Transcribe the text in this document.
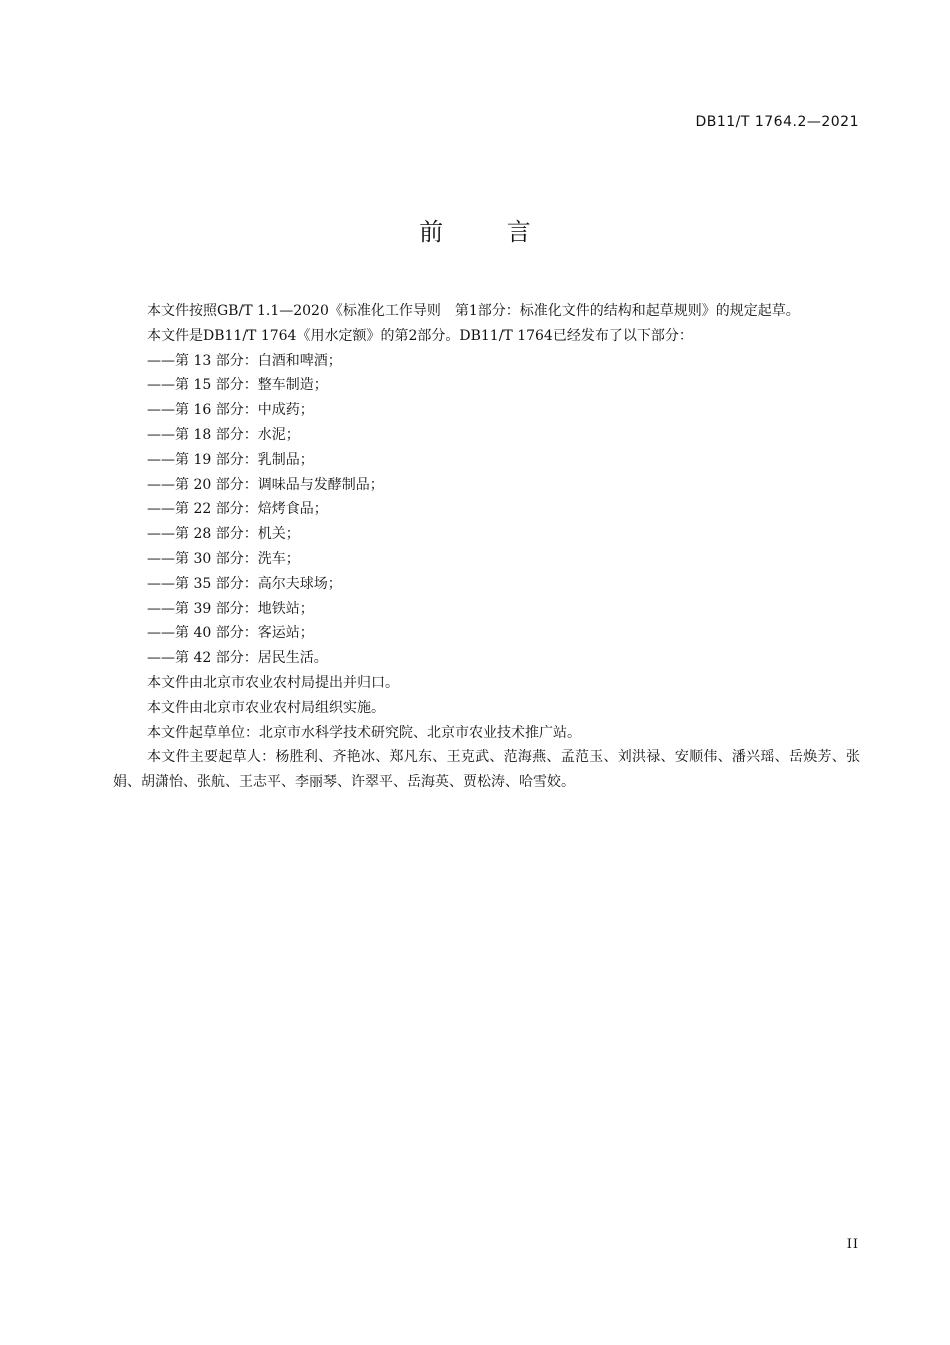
DB11/T 1764.2—2021
前 言

本文件按照GB/T 1.1—2020《标准化工作导则　第1部分：标准化文件的结构和起草规则》的规定起草。

本文件是DB11/T 1764《用水定额》的第2部分。DB11/T 1764已经发布了以下部分：

——第 13 部分：白酒和啤酒；
——第 15 部分：整车制造；
——第 16 部分：中成药；
——第 18 部分：水泥；
——第 19 部分：乳制品；
——第 20 部分：调味品与发酵制品；
——第 22 部分：焙烤食品；
——第 28 部分：机关；
——第 30 部分：洗车；
——第 35 部分：高尔夫球场；
——第 39 部分：地铁站；
——第 40 部分：客运站；
——第 42 部分：居民生活。

本文件由北京市农业农村局提出并归口。

本文件由北京市农业农村局组织实施。

本文件起草单位：北京市水科学技术研究院、北京市农业技术推广站。

本文件主要起草人：杨胜利、齐艳冰、郑凡东、王克武、范海燕、孟范玉、刘洪禄、安顺伟、潘兴瑶、岳焕芳、张娟、胡潇怡、张航、王志平、李丽琴、许翠平、岳海英、贾松涛、哈雪姣。

II
